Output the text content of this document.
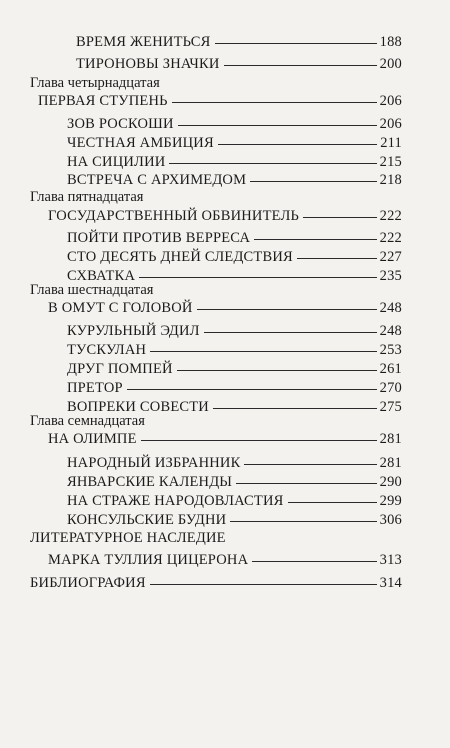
ВРЕМЯ ЖЕНИТЬСЯ	188
ТИРОНОВЫ ЗНАЧКИ	200
Глава четырнадцатая
ПЕРВАЯ СТУПЕНЬ	206
ЗОВ РОСКОШИ	206
ЧЕСТНАЯ АМБИЦИЯ	211
НА СИЦИЛИИ	215
ВСТРЕЧА С АРХИМЕДОМ	218
Глава пятнадцатая
ГОСУДАРСТВЕННЫЙ ОБВИНИТЕЛЬ	222
ПОЙТИ ПРОТИВ ВЕРРЕСА	222
СТО ДЕСЯТЬ ДНЕЙ СЛЕДСТВИЯ	227
СХВАТКА	235
Глава шестнадцатая
В ОМУТ С ГОЛОВОЙ	248
КУРУЛЬНЫЙ ЭДИЛ	248
ТУСКУЛАН	253
ДРУГ ПОМПЕЙ	261
ПРЕТОР	270
ВОПРЕКИ СОВЕСТИ	275
Глава семнадцатая
НА ОЛИМПЕ	281
НАРОДНЫЙ ИЗБРАННИК	281
ЯНВАРСКИЕ КАЛЕНДЫ	290
НА СТРАЖЕ НАРОДОВЛАСТИЯ	299
КОНСУЛЬСКИЕ БУДНИ	306
ЛИТЕРАТУРНОЕ НАСЛЕДИЕ
МАРКА ТУЛЛИЯ ЦИЦЕРОНА	313
БИБЛИОГРАФИЯ	314
